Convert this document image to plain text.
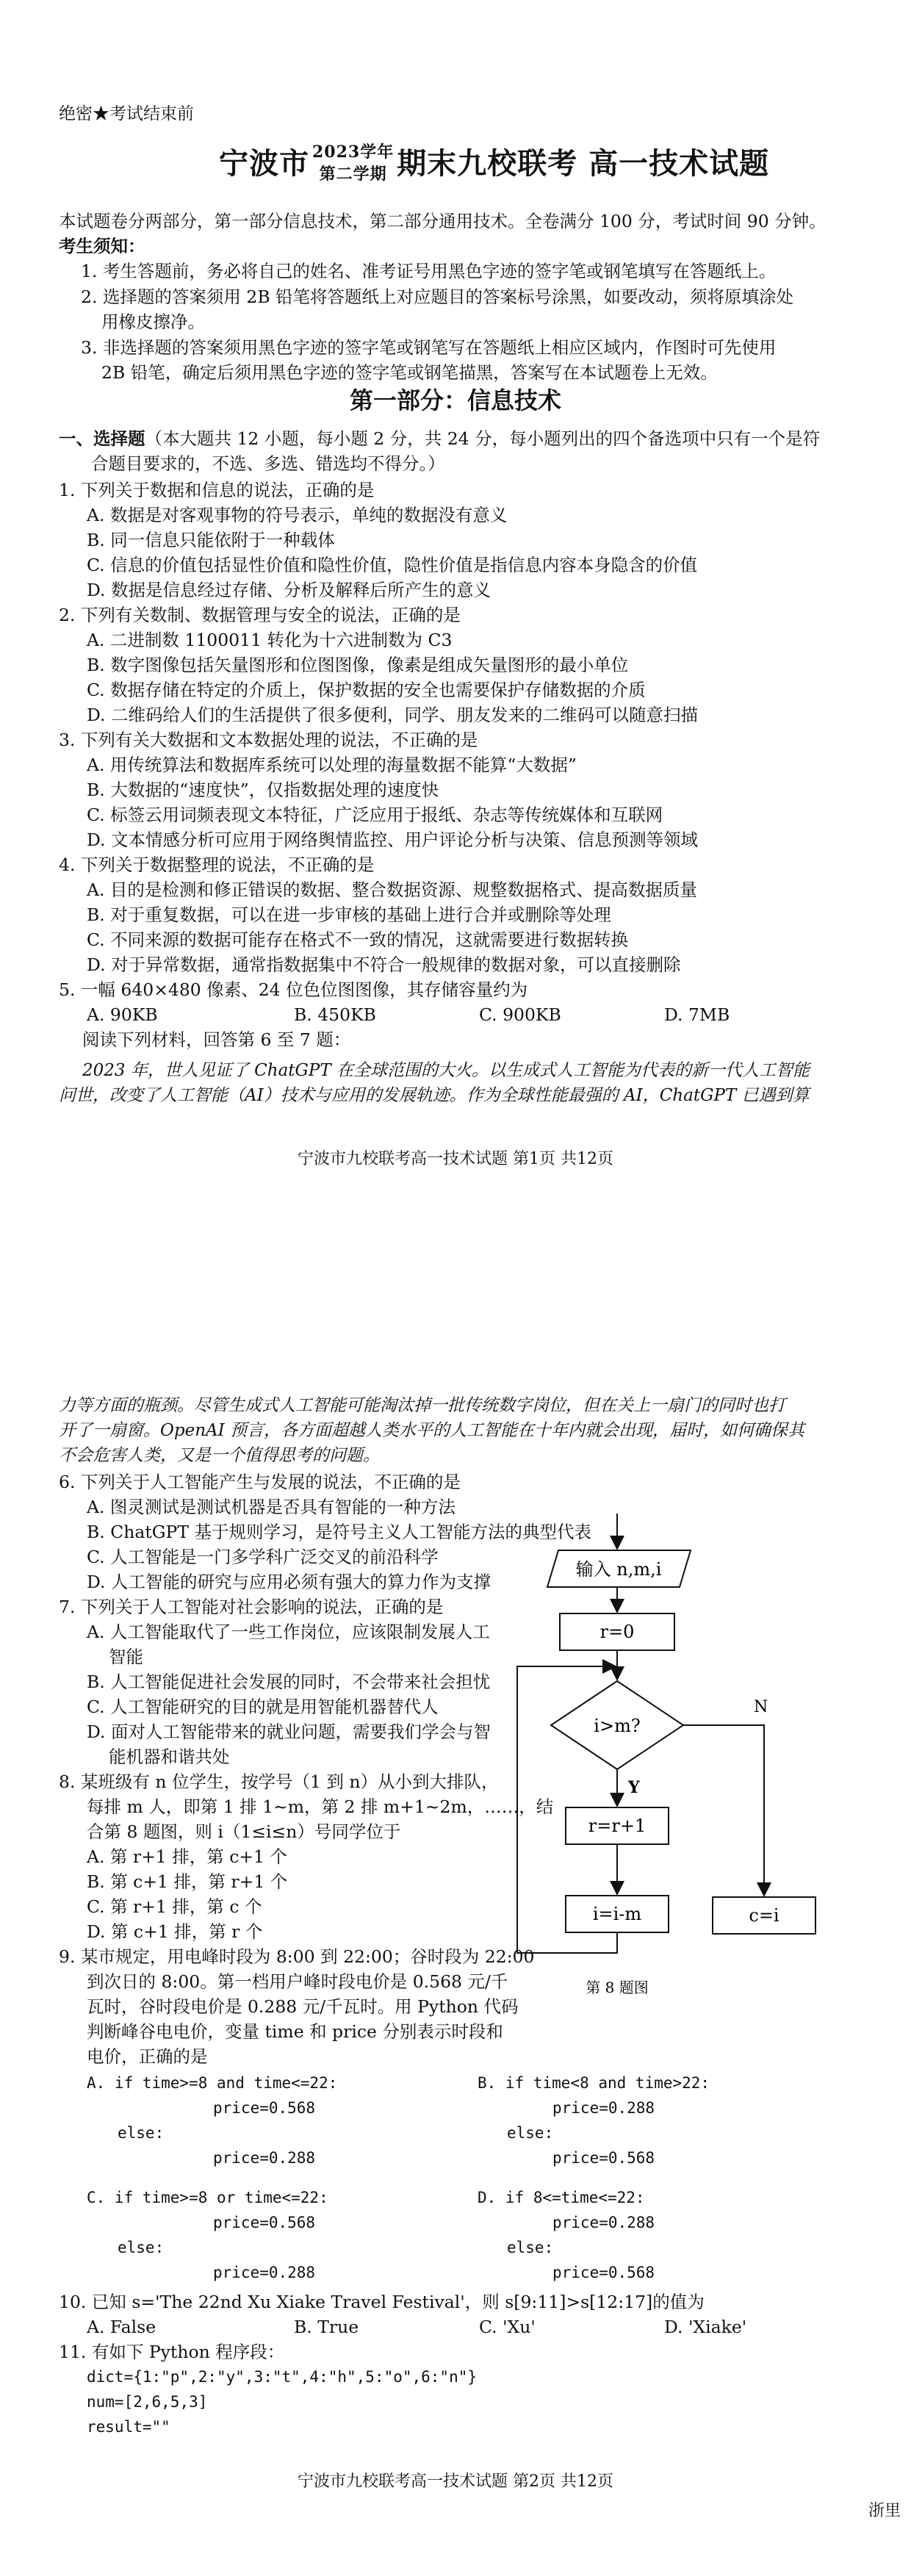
绝密★考试结束前
宁波市 2023学年
第二学期 期末九校联考 高一技术试题
本试题卷分两部分，第一部分信息技术，第二部分通用技术。全卷满分 100 分，考试时间 90 分钟。
考生须知：
1. 考生答题前，务必将自己的姓名、准考证号用黑色字迹的签字笔或钢笔填写在答题纸上。
2. 选择题的答案须用 2B 铅笔将答题纸上对应题目的答案标号涂黑，如要改动，须将原填涂处
用橡皮擦净。
3. 非选择题的答案须用黑色字迹的签字笔或钢笔写在答题纸上相应区域内，作图时可先使用
2B 铅笔，确定后须用黑色字迹的签字笔或钢笔描黑，答案写在本试题卷上无效。
第一部分：信息技术
一、选择题（本大题共 12 小题，每小题 2 分，共 24 分，每小题列出的四个备选项中只有一个是符
合题目要求的，不选、多选、错选均不得分。）
1. 下列关于数据和信息的说法，正确的是
A. 数据是对客观事物的符号表示，单纯的数据没有意义
B. 同一信息只能依附于一种载体
C. 信息的价值包括显性价值和隐性价值，隐性价值是指信息内容本身隐含的价值
D. 数据是信息经过存储、分析及解释后所产生的意义
2. 下列有关数制、数据管理与安全的说法，正确的是
A. 二进制数 1100011 转化为十六进制数为 C3
B. 数字图像包括矢量图形和位图图像，像素是组成矢量图形的最小单位
C. 数据存储在特定的介质上，保护数据的安全也需要保护存储数据的介质
D. 二维码给人们的生活提供了很多便利，同学、朋友发来的二维码可以随意扫描
3. 下列有关大数据和文本数据处理的说法，不正确的是
A. 用传统算法和数据库系统可以处理的海量数据不能算“大数据”
B. 大数据的“速度快”，仅指数据处理的速度快
C. 标签云用词频表现文本特征，广泛应用于报纸、杂志等传统媒体和互联网
D. 文本情感分析可应用于网络舆情监控、用户评论分析与决策、信息预测等领域
4. 下列关于数据整理的说法，不正确的是
A. 目的是检测和修正错误的数据、整合数据资源、规整数据格式、提高数据质量
B. 对于重复数据，可以在进一步审核的基础上进行合并或删除等处理
C. 不同来源的数据可能存在格式不一致的情况，这就需要进行数据转换
D. 对于异常数据，通常指数据集中不符合一般规律的数据对象，可以直接删除
5. 一幅 640×480 像素、24 位色位图图像，其存储容量约为
A. 90KB	B. 450KB	C. 900KB	D. 7MB
阅读下列材料，回答第 6 至 7 题：
2023 年，世人见证了 ChatGPT 在全球范围的大火。以生成式人工智能为代表的新一代人工智能
问世，改变了人工智能（AI）技术与应用的发展轨迹。作为全球性能最强的 AI，ChatGPT 已遇到算
宁波市九校联考高一技术试题 第1页 共12页
力等方面的瓶颈。尽管生成式人工智能可能淘汰掉一批传统数字岗位，但在关上一扇门的同时也打
开了一扇窗。OpenAI 预言，各方面超越人类水平的人工智能在十年内就会出现，届时，如何确保其
不会危害人类，又是一个值得思考的问题。
6. 下列关于人工智能产生与发展的说法，不正确的是
A. 图灵测试是测试机器是否具有智能的一种方法
B. ChatGPT 基于规则学习，是符号主义人工智能方法的典型代表
C. 人工智能是一门多学科广泛交叉的前沿科学
D. 人工智能的研究与应用必须有强大的算力作为支撑
7. 下列关于人工智能对社会影响的说法，正确的是
A. 人工智能取代了一些工作岗位，应该限制发展人工
智能
B. 人工智能促进社会发展的同时，不会带来社会担忧
C. 人工智能研究的目的就是用智能机器替代人
D. 面对人工智能带来的就业问题，需要我们学会与智
能机器和谐共处
8. 某班级有 n 位学生，按学号（1 到 n）从小到大排队，
每排 m 人，即第 1 排 1~m，第 2 排 m+1~2m，……，结
合第 8 题图，则 i（1≤i≤n）号同学位于
A. 第 r+1 排，第 c+1 个
B. 第 c+1 排，第 r+1 个
C. 第 r+1 排，第 c 个
D. 第 c+1 排，第 r 个
输入 n,m,i
r=0
i>m?
N
Y
r=r+1
i=i-m	c=i
第 8 题图
9. 某市规定，用电峰时段为 8:00 到 22:00；谷时段为 22:00
到次日的 8:00。第一档用户峰时段电价是 0.568 元/千
瓦时，谷时段电价是 0.288 元/千瓦时。用 Python 代码
判断峰谷电电价，变量 time 和 price 分别表示时段和
电价，正确的是
A. if time>=8 and time<=22:
price=0.568
else:
price=0.288
B. if time<8 and time>22:
price=0.288
else:
price=0.568
C. if time>=8 or time<=22:
price=0.568
else:
price=0.288
D. if 8<=time<=22:
price=0.288
else:
price=0.568
10. 已知 s='The 22nd Xu Xiake Travel Festival'，则 s[9:11]>s[12:17]的值为
A. False	B. True	C. 'Xu'	D. 'Xiake'
11. 有如下 Python 程序段：
dict={1:"p",2:"y",3:"t",4:"h",5:"o",6:"n"}
num=[2,6,5,3]
result=""
宁波市九校联考高一技术试题 第2页 共12页
浙里
